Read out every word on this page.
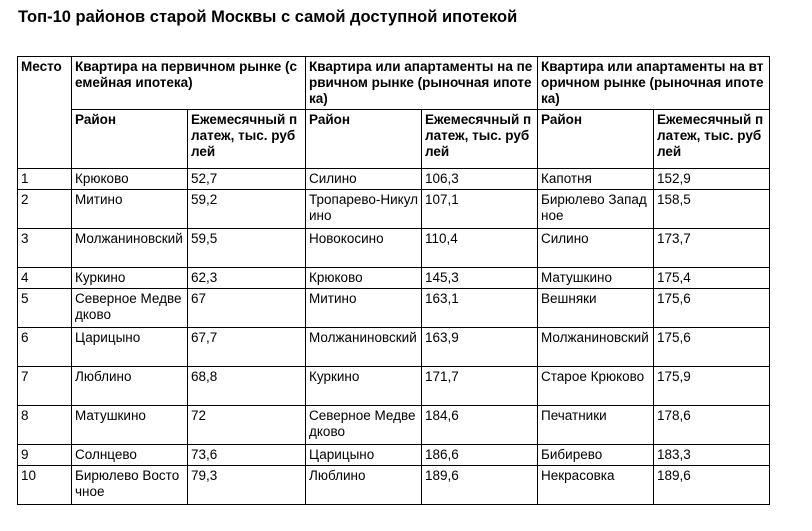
Топ-10 районов старой Москвы с самой доступной ипотекой
Место	Квартира на первичном рынке (семейная ипотека)		Квартира или апартаменты на первичном рынке (рыночная ипотека)		Квартира или апартаменты на вторичном рынке (рыночная ипотека)	
	Район	Ежемесячный платеж, тыс. рублей	Район	Ежемесячный платеж, тыс. рублей	Район	Ежемесячный платеж, тыс. рублей
1	Крюково	52,7	Силино	106,3	Капотня	152,9
2	Митино	59,2	Тропарево-Никулино	107,1	Бирюлево Западное	158,5
3	Молжаниновский	59,5	Новокосино	110,4	Силино	173,7
4	Куркино	62,3	Крюково	145,3	Матушкино	175,4
5	Северное Медведково	67	Митино	163,1	Вешняки	175,6
6	Царицыно	67,7	Молжаниновский	163,9	Молжаниновский	175,6
7	Люблино	68,8	Куркино	171,7	Старое Крюково	175,9
8	Матушкино	72	Северное Медведково	184,6	Печатники	178,6
9	Солнцево	73,6	Царицыно	186,6	Бибирево	183,3
10	Бирюлево Восточное	79,3	Люблино	189,6	Некрасовка	189,6
